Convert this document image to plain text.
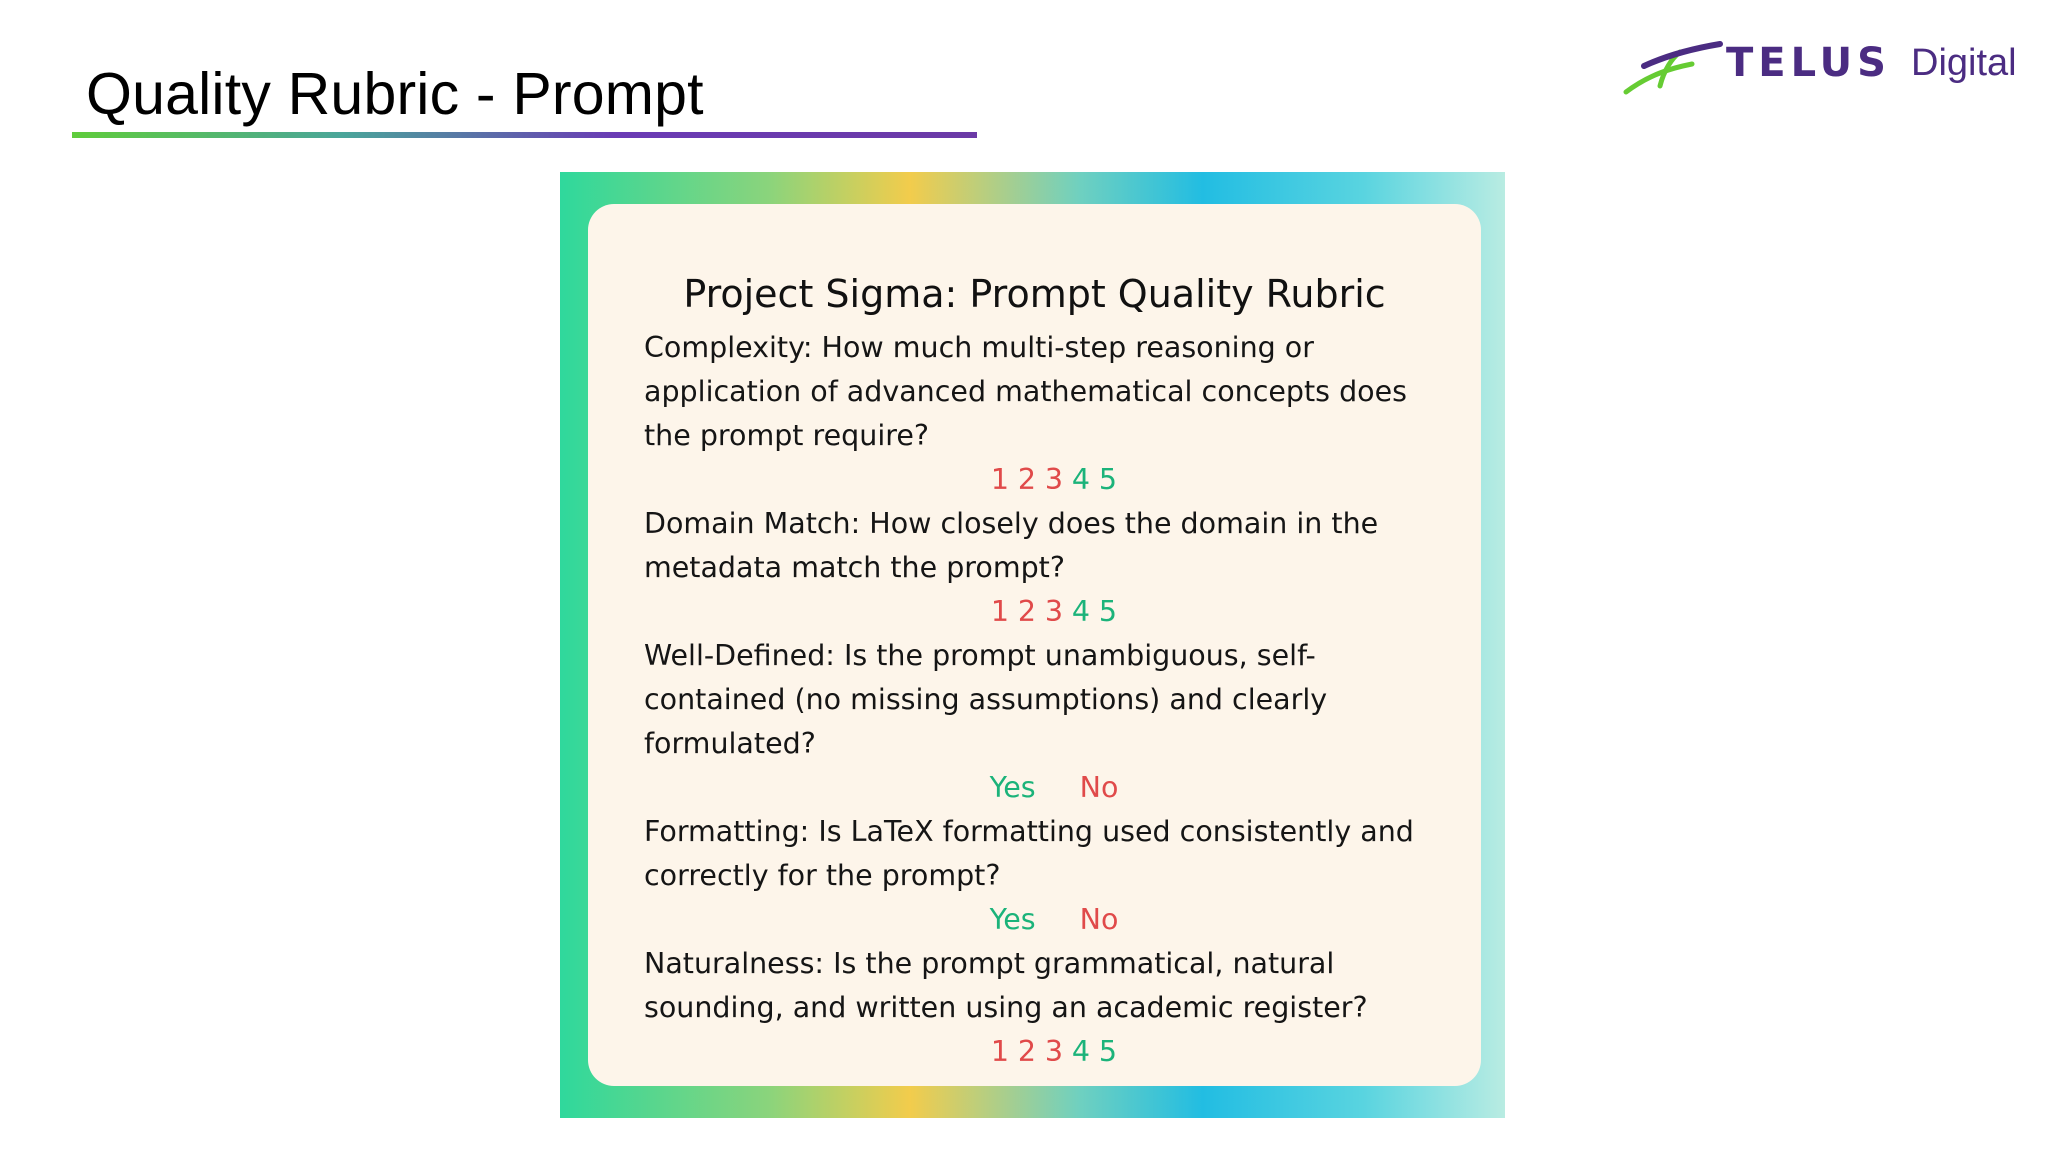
Quality Rubric - Prompt	TELUS Digital
Project Sigma: Prompt Quality Rubric

Complexity: How much multi-step reasoning or application of advanced mathematical concepts does the prompt require?

1 2 3 4 5

Domain Match: How closely does the domain in the metadata match the prompt?

1 2 3 4 5

Well-Defined: Is the prompt unambiguous, self-contained (no missing assumptions) and clearly formulated?

Yes No

Formatting: Is LaTeX formatting used consistently and correctly for the prompt?

Yes No

Naturalness: Is the prompt grammatical, natural sounding, and written using an academic register?

1 2 3 4 5
